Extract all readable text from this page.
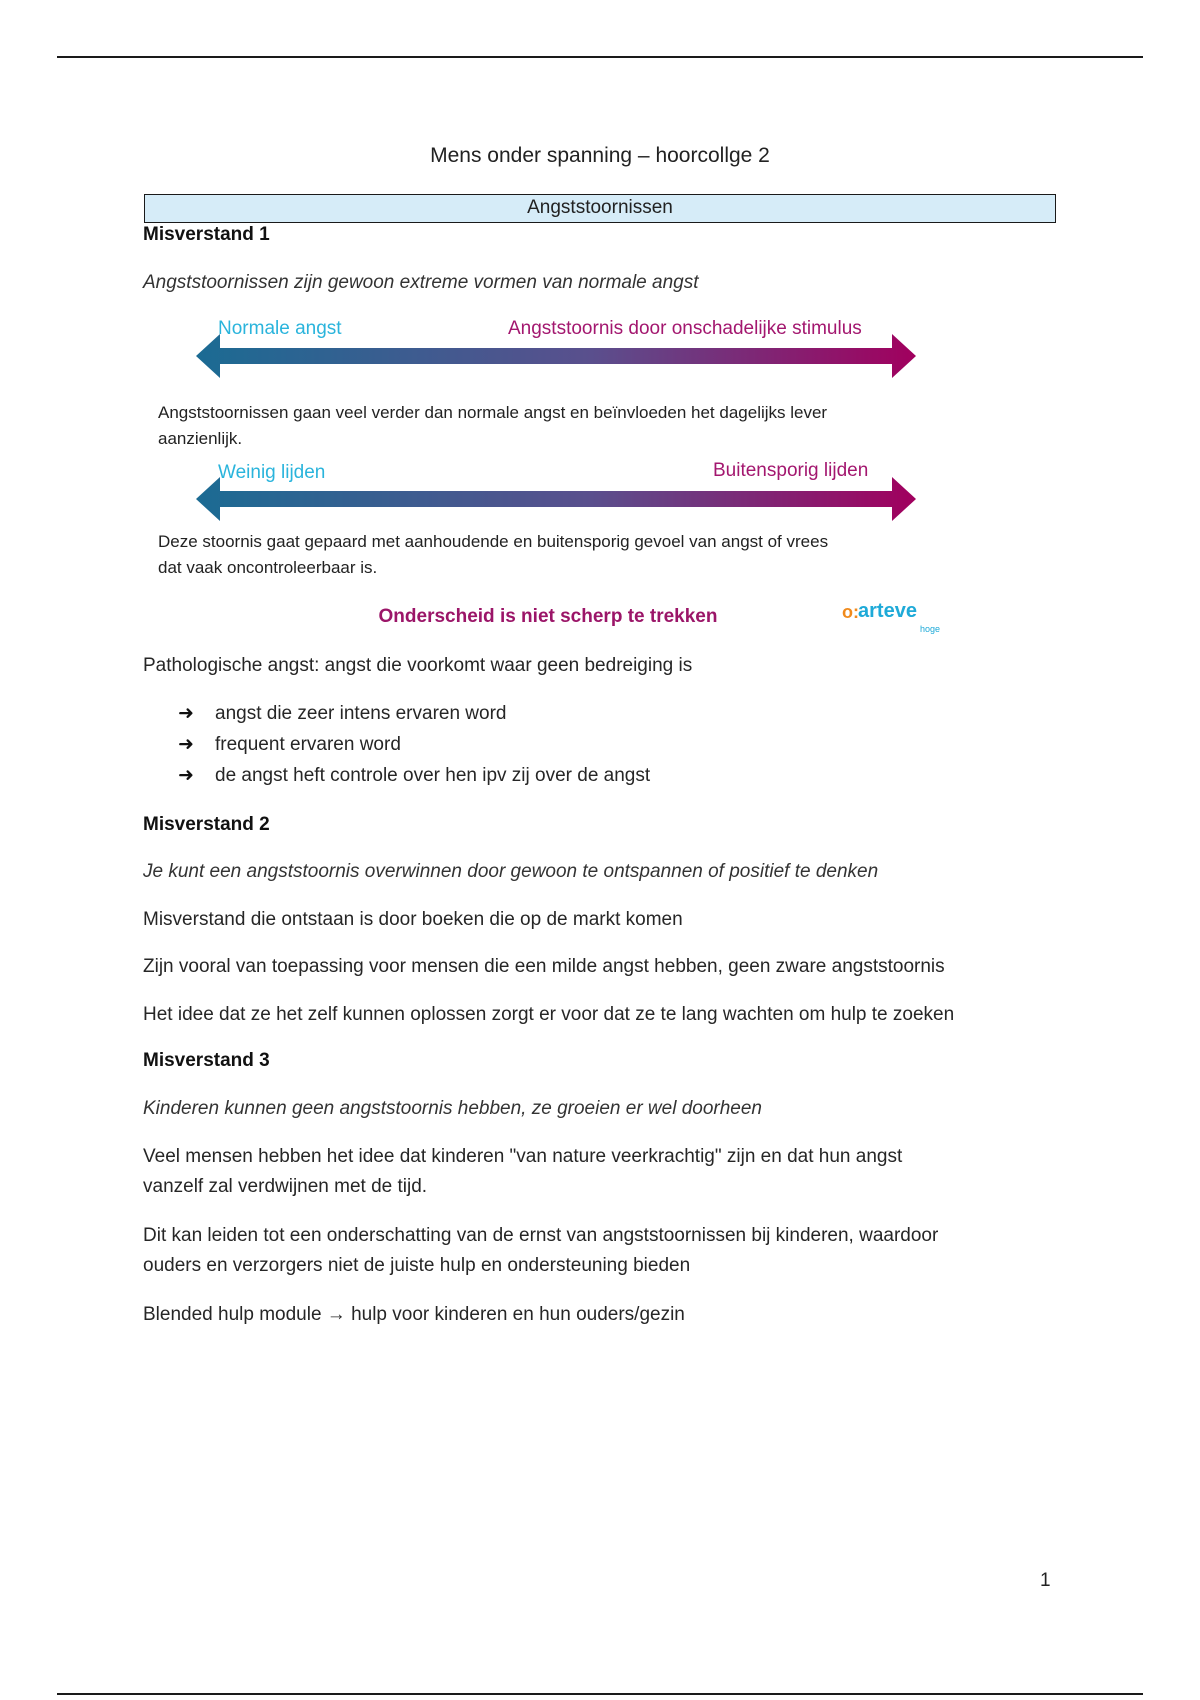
Mens onder spanning – hoorcollge 2
Angststoornissen
Misverstand 1
Angststoornissen zijn gewoon extreme vormen van normale angst
Normale angst	Angststoornis door onschadelijke stimulus
Angststoornissen gaan veel verder dan normale angst en beïnvloeden het dagelijks lever
aanzienlijk.
Weinig lijden	Buitensporig lijden
Deze stoornis gaat gepaard met aanhoudende en buitensporig gevoel van angst of vrees
dat vaak oncontroleerbaar is.
Onderscheid is niet scherp te trekken	o: arteve
hoge
Pathologische angst: angst die voorkomt waar geen bedreiging is
➜ angst die zeer intens ervaren word
➜ frequent ervaren word
➜ de angst heft controle over hen ipv zij over de angst
Misverstand 2
Je kunt een angststoornis overwinnen door gewoon te ontspannen of positief te denken
Misverstand die ontstaan is door boeken die op de markt komen
Zijn vooral van toepassing voor mensen die een milde angst hebben, geen zware angststoornis
Het idee dat ze het zelf kunnen oplossen zorgt er voor dat ze te lang wachten om hulp te zoeken
Misverstand 3
Kinderen kunnen geen angststoornis hebben, ze groeien er wel doorheen
Veel mensen hebben het idee dat kinderen "van nature veerkrachtig" zijn en dat hun angst
vanzelf zal verdwijnen met de tijd.
Dit kan leiden tot een onderschatting van de ernst van angststoornissen bij kinderen, waardoor
ouders en verzorgers niet de juiste hulp en ondersteuning bieden
Blended hulp module → hulp voor kinderen en hun ouders/gezin
1
